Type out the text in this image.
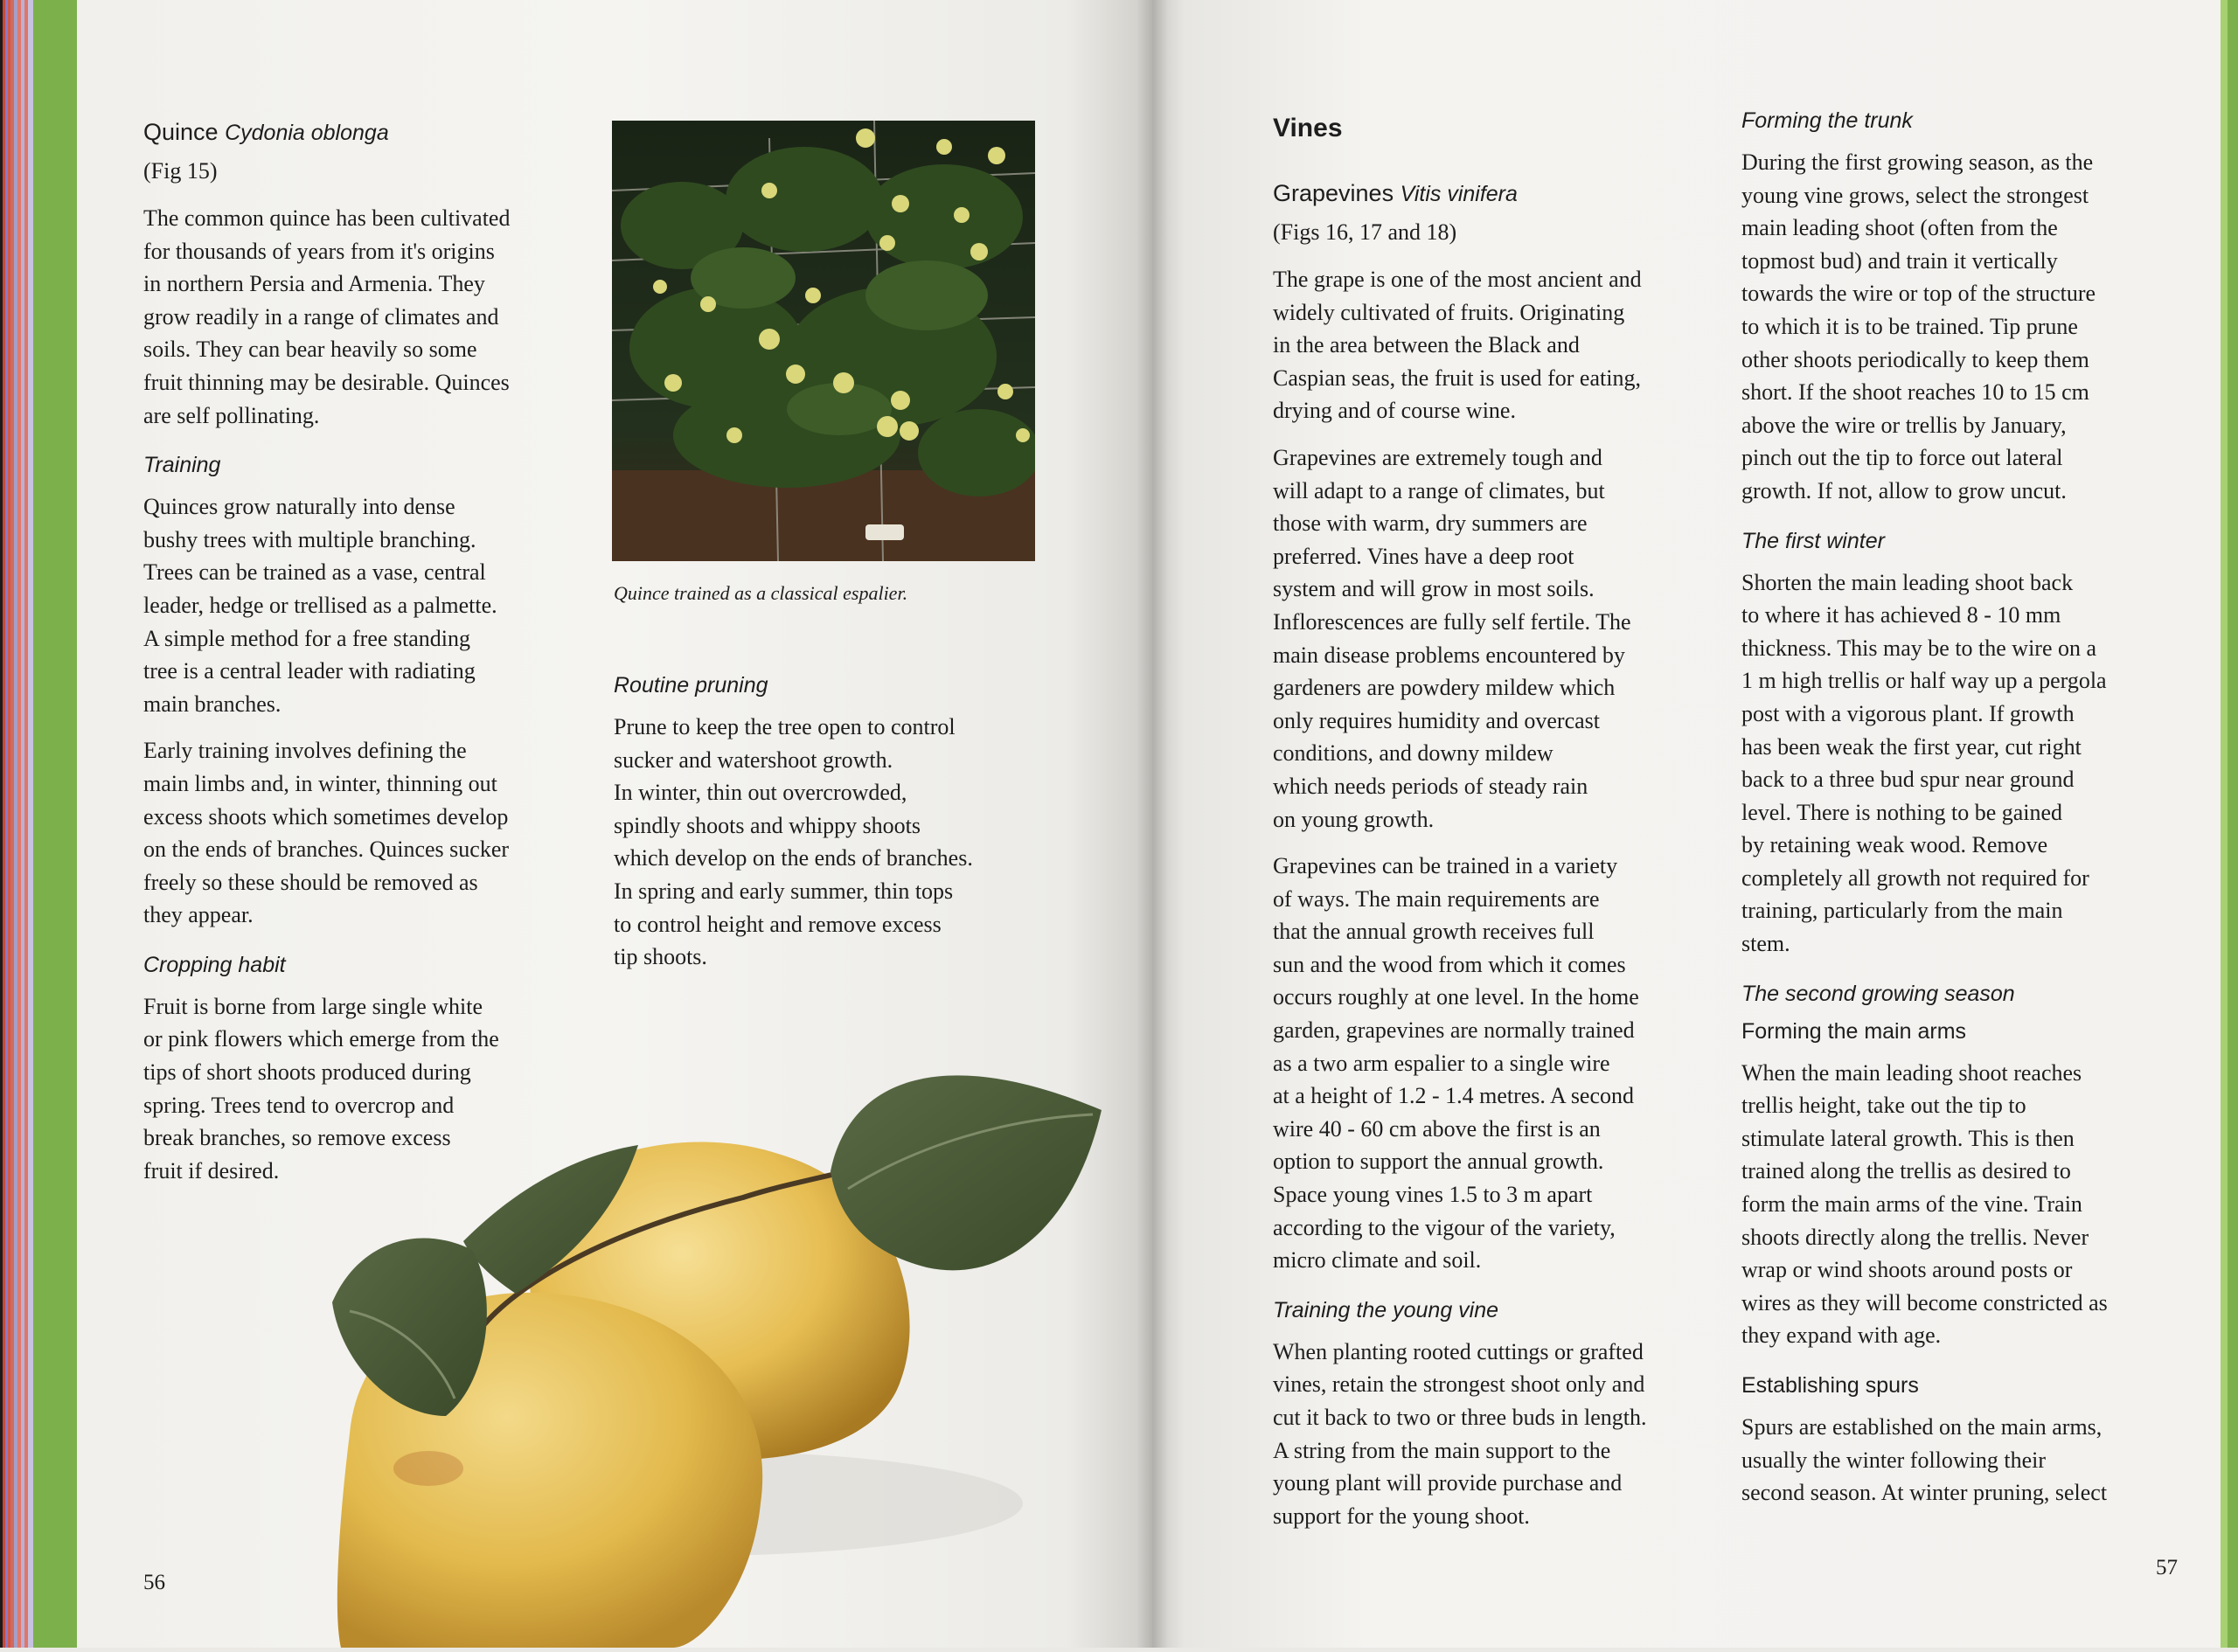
Quince Cydonia oblonga
(Fig 15)

The common quince has been cultivated
for thousands of years from it's origins
in northern Persia and Armenia. They
grow readily in a range of climates and
soils. They can bear heavily so some
fruit thinning may be desirable. Quinces
are self pollinating.

Training

Quinces grow naturally into dense
bushy trees with multiple branching.
Trees can be trained as a vase, central
leader, hedge or trellised as a palmette.
A simple method for a free standing
tree is a central leader with radiating
main branches.

Early training involves defining the
main limbs and, in winter, thinning out
excess shoots which sometimes develop
on the ends of branches. Quinces sucker
freely so these should be removed as
they appear.

Cropping habit

Fruit is borne from large single white
or pink flowers which emerge from the
tips of short shoots produced during
spring. Trees tend to overcrop and
break branches, so remove excess
fruit if desired.

Quince trained as a classical espalier.
Routine pruning

Prune to keep the tree open to control
sucker and watershoot growth.
In winter, thin out overcrowded,
spindly shoots and whippy shoots
which develop on the ends of branches.
In spring and early summer, thin tops
to control height and remove excess
tip shoots.

56
Vines
Grapevines Vitis vinifera
(Figs 16, 17 and 18)

The grape is one of the most ancient and
widely cultivated of fruits. Originating
in the area between the Black and
Caspian seas, the fruit is used for eating,
drying and of course wine.

Grapevines are extremely tough and
will adapt to a range of climates, but
those with warm, dry summers are
preferred. Vines have a deep root
system and will grow in most soils.
Inflorescences are fully self fertile. The
main disease problems encountered by
gardeners are powdery mildew which
only requires humidity and overcast
conditions, and downy mildew
which needs periods of steady rain
on young growth.

Grapevines can be trained in a variety
of ways. The main requirements are
that the annual growth receives full
sun and the wood from which it comes
occurs roughly at one level. In the home
garden, grapevines are normally trained
as a two arm espalier to a single wire
at a height of 1.2 - 1.4 metres. A second
wire 40 - 60 cm above the first is an
option to support the annual growth.
Space young vines 1.5 to 3 m apart
according to the vigour of the variety,
micro climate and soil.

Training the young vine

When planting rooted cuttings or grafted
vines, retain the strongest shoot only and
cut it back to two or three buds in length.
A string from the main support to the
young plant will provide purchase and
support for the young shoot.

Forming the trunk

During the first growing season, as the
young vine grows, select the strongest
main leading shoot (often from the
topmost bud) and train it vertically
towards the wire or top of the structure
to which it is to be trained. Tip prune
other shoots periodically to keep them
short. If the shoot reaches 10 to 15 cm
above the wire or trellis by January,
pinch out the tip to force out lateral
growth. If not, allow to grow uncut.

The first winter

Shorten the main leading shoot back
to where it has achieved 8 - 10 mm
thickness. This may be to the wire on a
1 m high trellis or half way up a pergola
post with a vigorous plant. If growth
has been weak the first year, cut right
back to a three bud spur near ground
level. There is nothing to be gained
by retaining weak wood. Remove
completely all growth not required for
training, particularly from the main
stem.

The second growing season
Forming the main arms

When the main leading shoot reaches
trellis height, take out the tip to
stimulate lateral growth. This is then
trained along the trellis as desired to
form the main arms of the vine. Train
shoots directly along the trellis. Never
wrap or wind shoots around posts or
wires as they will become constricted as
they expand with age.

Establishing spurs

Spurs are established on the main arms,
usually the winter following their
second season. At winter pruning, select

57
